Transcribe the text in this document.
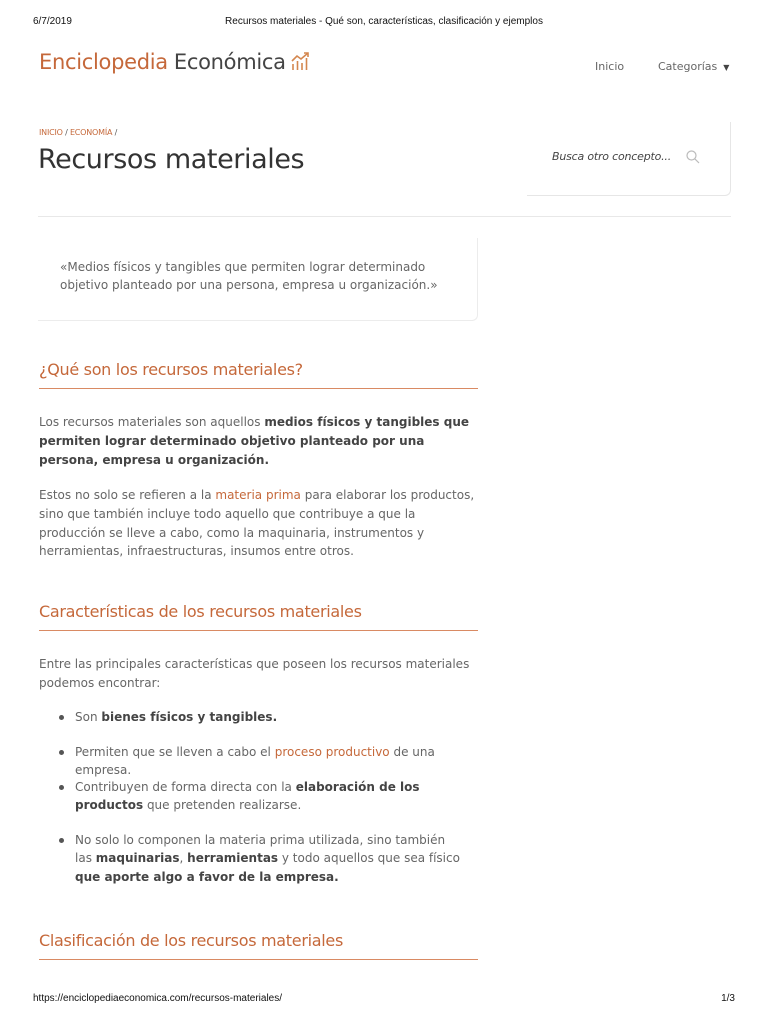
6/7/2019	Recursos materiales - Qué son, características, clasificación y ejemplos
Enciclopedia Económica	Inicio	Categorías ▼
INICIO / ECONOMÍA /
Recursos materiales	Busca otro concepto...

«Medios físicos y tangibles que permiten lograr determinado objetivo planteado por una persona, empresa u organización.»

¿Qué son los recursos materiales?

Los recursos materiales son aquellos medios físicos y tangibles que permiten lograr determinado objetivo planteado por una persona, empresa u organización.

Estos no solo se refieren a la materia prima para elaborar los productos, sino que también incluye todo aquello que contribuye a que la producción se lleve a cabo, como la maquinaria, instrumentos y herramientas, infraestructuras, insumos entre otros.

Características de los recursos materiales

Entre las principales características que poseen los recursos materiales podemos encontrar:

Son bienes físicos y tangibles.
Permiten que se lleven a cabo el proceso productivo de una empresa.
Contribuyen de forma directa con la elaboración de los productos que pretenden realizarse.
No solo lo componen la materia prima utilizada, sino también las maquinarias, herramientas y todo aquellos que sea físico que aporte algo a favor de la empresa.
Clasificación de los recursos materiales
https://enciclopediaeconomica.com/recursos-materiales/	1/3
